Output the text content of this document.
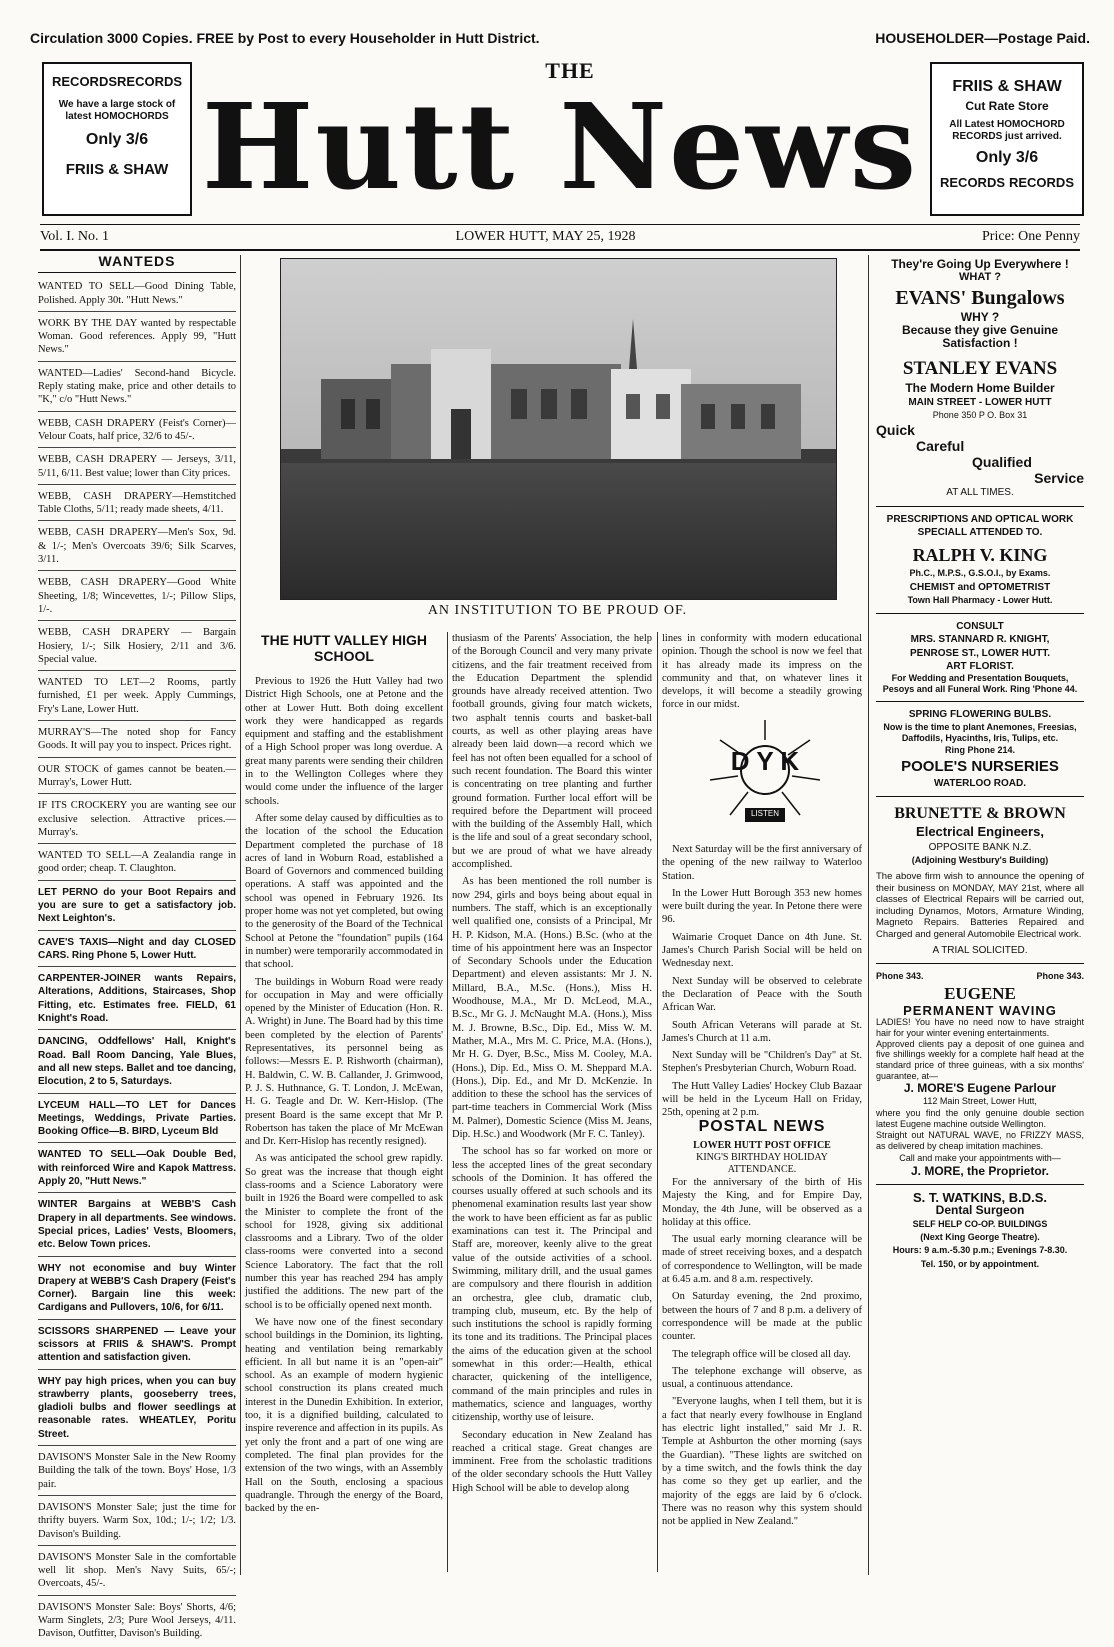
Circulation 3000 Copies. FREE by Post to every Householder in Hutt District.	HOUSEHOLDER—Postage Paid.
RECORDS RECORDS
We have a large stock of latest HOMOCHORDS
Only 3/6
FRIIS & SHAW
FRIIS & SHAW
Cut Rate Store
All Latest HOMOCHORD RECORDS just arrived.
Only 3/6
RECORDS RECORDS
THE
Hutt News
Vol. I. No. 1	LOWER HUTT, MAY 25, 1928	Price: One Penny
WANTEDS
WANTED TO SELL—Good Dining Table, Polished. Apply 30t. "Hutt News."
WORK BY THE DAY wanted by respectable Woman. Good references. Apply 99, "Hutt News."
WANTED—Ladies' Second-hand Bicycle. Reply stating make, price and other details to "K," c/o "Hutt News."
WEBB, CASH DRAPERY (Feist's Corner)—Velour Coats, half price, 32/6 to 45/-.
WEBB, CASH DRAPERY — Jerseys, 3/11, 5/11, 6/11. Best value; lower than City prices.
WEBB, CASH DRAPERY—Hemstitched Table Cloths, 5/11; ready made sheets, 4/11.
WEBB, CASH DRAPERY—Men's Sox, 9d. & 1/-; Men's Overcoats 39/6; Silk Scarves, 3/11.
WEBB, CASH DRAPERY—Good White Sheeting, 1/8; Wincevettes, 1/-; Pillow Slips, 1/-.
WEBB, CASH DRAPERY — Bargain Hosiery, 1/-; Silk Hosiery, 2/11 and 3/6. Special value.
WANTED TO LET—2 Rooms, partly furnished, £1 per week. Apply Cummings, Fry's Lane, Lower Hutt.
MURRAY'S—The noted shop for Fancy Goods. It will pay you to inspect. Prices right.
OUR STOCK of games cannot be beaten.—Murray's, Lower Hutt.
IF ITS CROCKERY you are wanting see our exclusive selection. Attractive prices.—Murray's.
WANTED TO SELL—A Zealandia range in good order; cheap. T. Claughton.
LET PERNO do your Boot Repairs and you are sure to get a satisfactory job. Next Leighton's.
CAVE'S TAXIS—Night and day CLOSED CARS. Ring Phone 5, Lower Hutt.
CARPENTER-JOINER wants Repairs, Alterations, Additions, Staircases, Shop Fitting, etc. Estimates free. FIELD, 61 Knight's Road.
DANCING, Oddfellows' Hall, Knight's Road. Ball Room Dancing, Yale Blues, and all new steps. Ballet and toe dancing, Elocution, 2 to 5, Saturdays.
LYCEUM HALL—TO LET for Dances Meetings, Weddings, Private Parties. Booking Office—B. BIRD, Lyceum Bld
WANTED TO SELL—Oak Double Bed, with reinforced Wire and Kapok Mattress. Apply 20, "Hutt News."
WINTER Bargains at WEBB'S Cash Drapery in all departments. See windows. Special prices, Ladies' Vests, Bloomers, etc. Below Town prices.
WHY not economise and buy Winter Drapery at WEBB'S Cash Drapery (Feist's Corner). Bargain line this week: Cardigans and Pullovers, 10/6, for 6/11.
SCISSORS SHARPENED — Leave your scissors at FRIIS & SHAW'S. Prompt attention and satisfaction given.
WHY pay high prices, when you can buy strawberry plants, gooseberry trees, gladioli bulbs and flower seedlings at reasonable rates. WHEATLEY, Poritu Street.
DAVISON'S Monster Sale in the New Roomy Building the talk of the town. Boys' Hose, 1/3 pair.
DAVISON'S Monster Sale; just the time for thrifty buyers. Warm Sox, 10d.; 1/-; 1/2; 1/3. Davison's Building.
DAVISON'S Monster Sale in the comfortable well lit shop. Men's Navy Suits, 65/-; Overcoats, 45/-.
DAVISON'S Monster Sale: Boys' Shorts, 4/6; Warm Singlets, 2/3; Pure Wool Jerseys, 4/11. Davison, Outfitter, Davison's Building.
AN INSTITUTION TO BE PROUD OF.
THE HUTT VALLEY HIGH SCHOOL

Previous to 1926 the Hutt Valley had two District High Schools, one at Petone and the other at Lower Hutt. Both doing excellent work they were handicapped as regards equipment and staffing and the establishment of a High School proper was long overdue. A great many parents were sending their children in to the Wellington Colleges where they would come under the influence of the larger schools.

After some delay caused by difficulties as to the location of the school the Education Department completed the purchase of 18 acres of land in Woburn Road, established a Board of Governors and commenced building operations. A staff was appointed and the school was opened in February 1926. Its proper home was not yet completed, but owing to the generosity of the Board of the Technical School at Petone the "foundation" pupils (164 in number) were temporarily accommodated in that school.

The buildings in Woburn Road were ready for occupation in May and were officially opened by the Minister of Education (Hon. R. A. Wright) in June. The Board had by this time been completed by the election of Parents' Representatives, its personnel being as follows:—Messrs E. P. Rishworth (chairman), H. Baldwin, C. W. B. Callander, J. Grimwood, P. J. S. Huthnance, G. T. London, J. McEwan, H. G. Teagle and Dr. W. Kerr-Hislop. (The present Board is the same except that Mr P. Robertson has taken the place of Mr McEwan and Dr. Kerr-Hislop has recently resigned).

As was anticipated the school grew rapidly. So great was the increase that though eight class-rooms and a Science Laboratory were built in 1926 the Board were compelled to ask the Minister to complete the front of the school for 1928, giving six additional classrooms and a Library. Two of the older class-rooms were converted into a second Science Laboratory. The fact that the roll number this year has reached 294 has amply justified the additions. The new part of the school is to be officially opened next month.

We have now one of the finest secondary school buildings in the Dominion, its lighting, heating and ventilation being remarkably efficient. In all but name it is an "open-air" school. As an example of modern hygienic school construction its plans created much interest in the Dunedin Exhibition. In exterior, too, it is a dignified building, calculated to inspire reverence and affection in its pupils. As yet only the front and a part of one wing are completed. The final plan provides for the extension of the two wings, with an Assembly Hall on the South, enclosing a spacious quadrangle. Through the energy of the Board, backed by the en-

thusiasm of the Parents' Association, the help of the Borough Council and very many private citizens, and the fair treatment received from the Education Department the splendid grounds have already received attention. Two football grounds, giving four match wickets, two asphalt tennis courts and basket-ball courts, as well as other playing areas have already been laid down—a record which we feel has not often been equalled for a school of such recent foundation. The Board this winter is concentrating on tree planting and further ground formation. Further local effort will be required before the Department will proceed with the building of the Assembly Hall, which is the life and soul of a great secondary school, but we are proud of what we have already accomplished.

As has been mentioned the roll number is now 294, girls and boys being about equal in numbers. The staff, which is an exceptionally well qualified one, consists of a Principal, Mr H. P. Kidson, M.A. (Hons.) B.Sc. (who at the time of his appointment here was an Inspector of Secondary Schools under the Education Department) and eleven assistants: Mr J. N. Millard, B.A., M.Sc. (Hons.), Miss H. Woodhouse, M.A., Mr D. McLeod, M.A., B.Sc., Mr G. J. McNaught M.A. (Hons.), Miss M. J. Browne, B.Sc., Dip. Ed., Miss W. M. Mather, M.A., Mrs M. C. Price, M.A. (Hons.), Mr H. G. Dyer, B.Sc., Miss M. Cooley, M.A. (Hons.), Dip. Ed., Miss O. M. Sheppard M.A. (Hons.), Dip. Ed., and Mr D. McKenzie. In addition to these the school has the services of part-time teachers in Commercial Work (Miss M. Palmer), Domestic Science (Miss M. Jeans, Dip. H.Sc.) and Woodwork (Mr F. C. Tanley).

The school has so far worked on more or less the accepted lines of the great secondary schools of the Dominion. It has offered the courses usually offered at such schools and its phenomenal examination results last year show the work to have been efficient as far as public examinations can test it. The Principal and Staff are, moreover, keenly alive to the great value of the outside activities of a school. Swimming, military drill, and the usual games are compulsory and there flourish in addition an orchestra, glee club, dramatic club, tramping club, museum, etc. By the help of such institutions the school is rapidly forming its tone and its traditions. The Principal places the aims of the education given at the school somewhat in this order:—Health, ethical character, quickening of the intelligence, command of the main principles and rules in mathematics, science and languages, worthy citizenship, worthy use of leisure.

Secondary education in New Zealand has reached a critical stage. Great changes are imminent. Free from the scholastic traditions of the older secondary schools the Hutt Valley High School will be able to develop along

lines in conformity with modern educational opinion. Though the school is now we feel that it has already made its impress on the community and that, on whatever lines it develops, it will become a steadily growing force in our midst.

D Y K
LISTEN

Next Saturday will be the first anniversary of the opening of the new railway to Waterloo Station.

In the Lower Hutt Borough 353 new homes were built during the year. In Petone there were 96.

Waimarie Croquet Dance on 4th June. St. James's Church Parish Social will be held on Wednesday next.

Next Sunday will be observed to celebrate the Declaration of Peace with the South African War.

South African Veterans will parade at St. James's Church at 11 a.m.

Next Sunday will be "Children's Day" at St. Stephen's Presbyterian Church, Woburn Road.

The Hutt Valley Ladies' Hockey Club Bazaar will be held in the Lyceum Hall on Friday, 25th, opening at 2 p.m.

POSTAL NEWS
LOWER HUTT POST OFFICE
KING'S BIRTHDAY HOLIDAY ATTENDANCE.

For the anniversary of the birth of His Majesty the King, and for Empire Day, Monday, the 4th June, will be observed as a holiday at this office.

The usual early morning clearance will be made of street receiving boxes, and a despatch of correspondence to Wellington, will be made at 6.45 a.m. and 8 a.m. respectively.

On Saturday evening, the 2nd proximo, between the hours of 7 and 8 p.m. a delivery of correspondence will be made at the public counter.

The telegraph office will be closed all day.

The telephone exchange will observe, as usual, a continuous attendance.

"Everyone laughs, when I tell them, but it is a fact that nearly every fowlhouse in England has electric light installed," said Mr J. R. Temple at Ashburton the other morning (says the Guardian). "These lights are switched on by a time switch, and the fowls think the day has come so they get up earlier, and the majority of the eggs are laid by 6 o'clock. There was no reason why this system should not be applied in New Zealand."

They're Going Up Everywhere !
WHAT ?
EVANS' Bungalows
WHY ?
Because they give Genuine Satisfaction !
STANLEY EVANS
The Modern Home Builder
MAIN STREET - LOWER HUTT
Phone 350 P O. Box 31
Quick
Careful
Qualified
Service
AT ALL TIMES.
PRESCRIPTIONS AND OPTICAL WORK
SPECIALL ATTENDED TO.
RALPH V. KING
Ph.C., M.P.S., G.S.O.I., by Exams.
CHEMIST and OPTOMETRIST
Town Hall Pharmacy - Lower Hutt.
CONSULT
MRS. STANNARD R. KNIGHT,
PENROSE ST., LOWER HUTT.
ART FLORIST.
For Wedding and Presentation Bouquets, Pesoys and all Funeral Work. Ring 'Phone 44.
SPRING FLOWERING BULBS.
Now is the time to plant Anemones, Freesias, Daffodils, Hyacinths, Iris, Tulips, etc.
Ring Phone 214.
POOLE'S NURSERIES
WATERLOO ROAD.
BRUNETTE & BROWN
Electrical Engineers,
OPPOSITE BANK N.Z.
(Adjoining Westbury's Building)
The above firm wish to announce the opening of their business on MONDAY, MAY 21st, where all classes of Electrical Repairs will be carried out, including Dynamos, Motors, Armature Winding, Magneto Repairs. Batteries Repaired and Charged and general Automobile Electrical work.
A TRIAL SOLICITED.
Phone 343.	Phone 343.
EUGENE
PERMANENT WAVING
LADIES! You have no need now to have straight hair for your winter evening entertainments.
Approved clients pay a deposit of one guinea and five shillings weekly for a complete half head at the standard price of three guineas, with a six months' guarantee, at—
J. MORE'S Eugene Parlour
112 Main Street, Lower Hutt,
where you find the only genuine double section latest Eugene machine outside Wellington.
Straight out NATURAL WAVE, no FRIZZY MASS, as delivered by cheap imitation machines.
Call and make your appointments with—
J. MORE, the Proprietor.
S. T. WATKINS, B.D.S.
Dental Surgeon
SELF HELP CO-OP. BUILDINGS
(Next King George Theatre).
Hours: 9 a.m.-5.30 p.m.; Evenings 7-8.30.
Tel. 150, or by appointment.
